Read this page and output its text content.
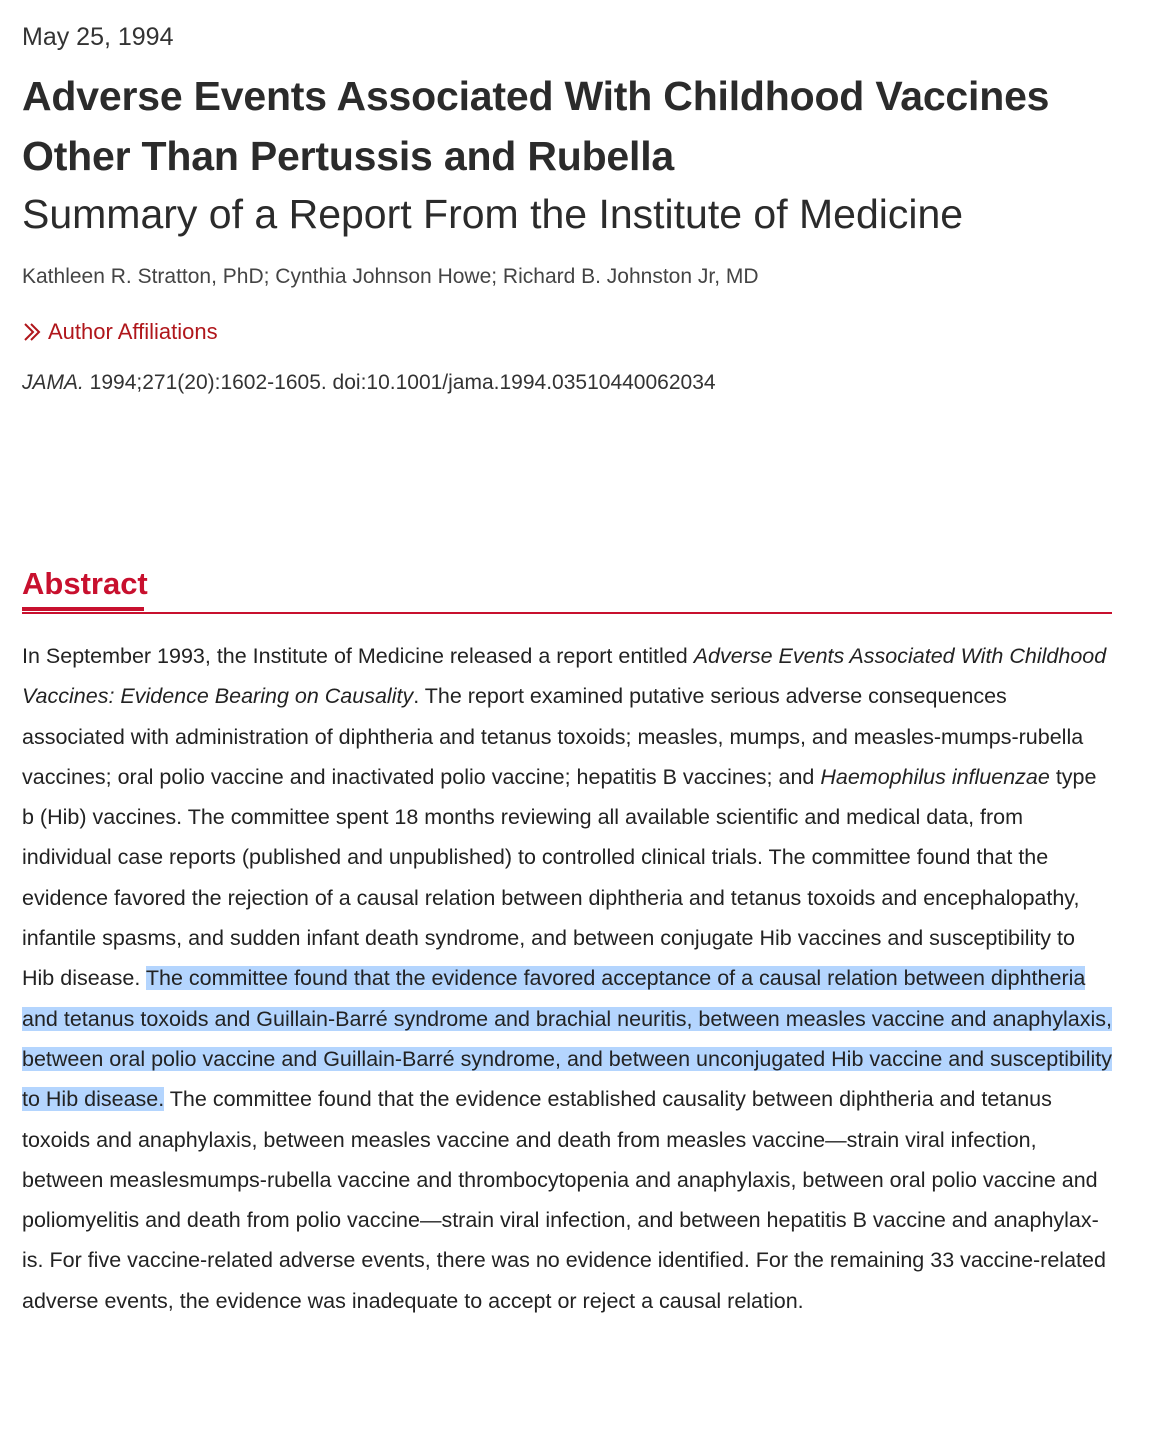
May 25, 1994
Adverse Events Associated With Childhood Vaccines Other Than Pertussis and Rubella
Summary of a Report From the Institute of Medicine
Kathleen R. Stratton, PhD; Cynthia Johnson Howe; Richard B. Johnston Jr, MD
Author Affiliations
JAMA. 1994;271(20):1602-1605. doi:10.1001/jama.1994.03510440062034
Abstract

In September 1993, the Institute of Medicine released a report entitled Adverse Events Associated With Childhood Vaccines: Evidence Bearing on Causality. The report examined putative serious adverse consequences associated with administration of diphtheria and tetanus toxoids; measles, mumps, and measles-mumps-rubella vaccines; oral polio vaccine and inactivated polio vaccine; hepatitis B vaccines; and Haemophilus influenzae type b (Hib) vaccines. The committee spent 18 months reviewing all available scientific and medical data, from individual case reports (published and unpublished) to controlled clinical trials. The committee found that the evidence favored the rejection of a causal relation between diphtheria and tetanus toxoids and encephalopathy, infantile spasms, and sudden infant death syndrome, and between conjugate Hib vaccines and susceptibility to Hib disease. The committee found that the evidence favored acceptance of a causal relation between diphtheria and tetanus toxoids and Guillain-Barré syndrome and brachial neuritis, between measles vaccine and anaphylaxis, between oral polio vaccine and Guillain-Barré syndrome, and between unconjugated Hib vaccine and susceptibility to Hib disease. The committee found that the evidence established causality between diphtheria and tetanus toxoids and anaphylaxis, between measles vaccine and death from measles vaccine—strain viral infection, between measlesmumps-rubella vaccine and thrombocytopenia and anaphylaxis, between oral polio vaccine and poliomyelitis and death from polio vaccine—strain viral infection, and between hepatitis B vaccine and anaphylaxis. For five vaccine-related adverse events, there was no evidence identified. For the remaining 33 vaccine-related adverse events, the evidence was inadequate to accept or reject a causal relation.
